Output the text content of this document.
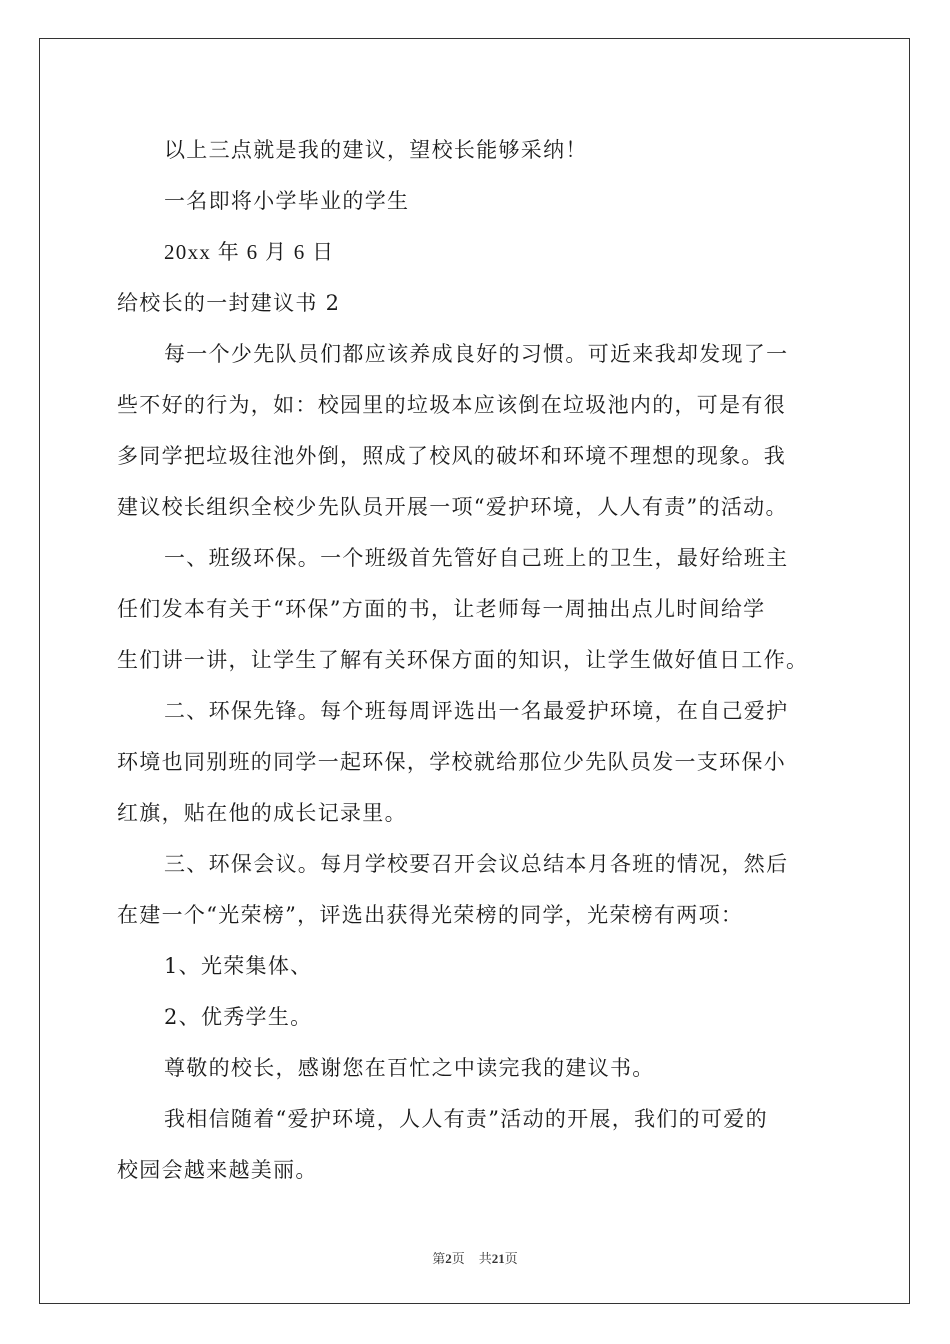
以上三点就是我的建议，望校长能够采纳！
一名即将小学毕业的学生
20xx 年 6 月 6 日
给校长的一封建议书 2
每一个少先队员们都应该养成良好的习惯。可近来我却发现了一
些不好的行为，如：校园里的垃圾本应该倒在垃圾池内的，可是有很
多同学把垃圾往池外倒，照成了校风的破坏和环境不理想的现象。我
建议校长组织全校少先队员开展一项“爱护环境，人人有责”的活动。
一、班级环保。一个班级首先管好自己班上的卫生，最好给班主
任们发本有关于“环保”方面的书，让老师每一周抽出点儿时间给学
生们讲一讲，让学生了解有关环保方面的知识，让学生做好值日工作。
二、环保先锋。每个班每周评选出一名最爱护环境，在自己爱护
环境也同别班的同学一起环保，学校就给那位少先队员发一支环保小
红旗，贴在他的成长记录里。
三、环保会议。每月学校要召开会议总结本月各班的情况，然后
在建一个“光荣榜”，评选出获得光荣榜的同学，光荣榜有两项：
1、光荣集体、
2、优秀学生。
尊敬的校长，感谢您在百忙之中读完我的建议书。
我相信随着“爱护环境，人人有责”活动的开展，我们的可爱的
校园会越来越美丽。
第2页 共21页
